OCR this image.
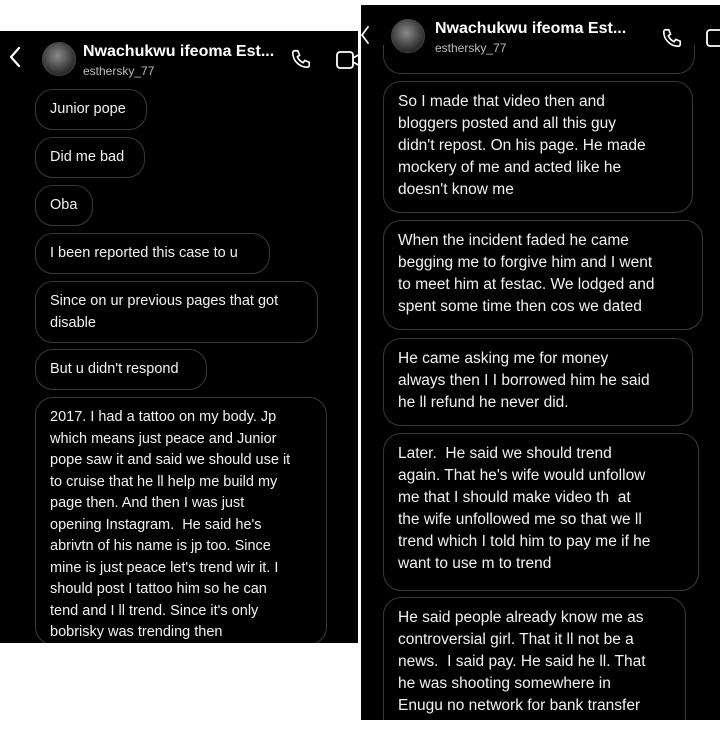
Nwachukwu ifeoma Est...
esthersky_77
Junior pope
Did me bad
Oba
I been reported this case to u
Since on ur previous pages that got
disable
But u didn't respond
2017. I had a tattoo on my body. Jp
which means just peace and Junior
pope saw it and said we should use it
to cruise that he ll help me build my
page then. And then I was just
opening Instagram.  He said he's
abrivtn of his name is jp too. Since
mine is just peace let's trend wir it. I
should post I tattoo him so he can
tend and I ll trend. Since it's only
bobrisky was trending then
Nwachukwu ifeoma Est...
esthersky_77
So I made that video then and
bloggers posted and all this guy
didn't repost. On his page. He made
mockery of me and acted like he
doesn't know me
When the incident faded he came
begging me to forgive him and I went
to meet him at festac. We lodged and
spent some time then cos we dated
He came asking me for money
always then I I borrowed him he said
he ll refund he never did.
Later.  He said we should trend
again. That he's wife would unfollow
me that I should make video th  at
the wife unfollowed me so that we ll
trend which I told him to pay me if he
want to use m to trend
He said people already know me as
controversial girl. That it ll not be a
news.  I said pay. He said he ll. That
he was shooting somewhere in
Enugu no network for bank transfer
